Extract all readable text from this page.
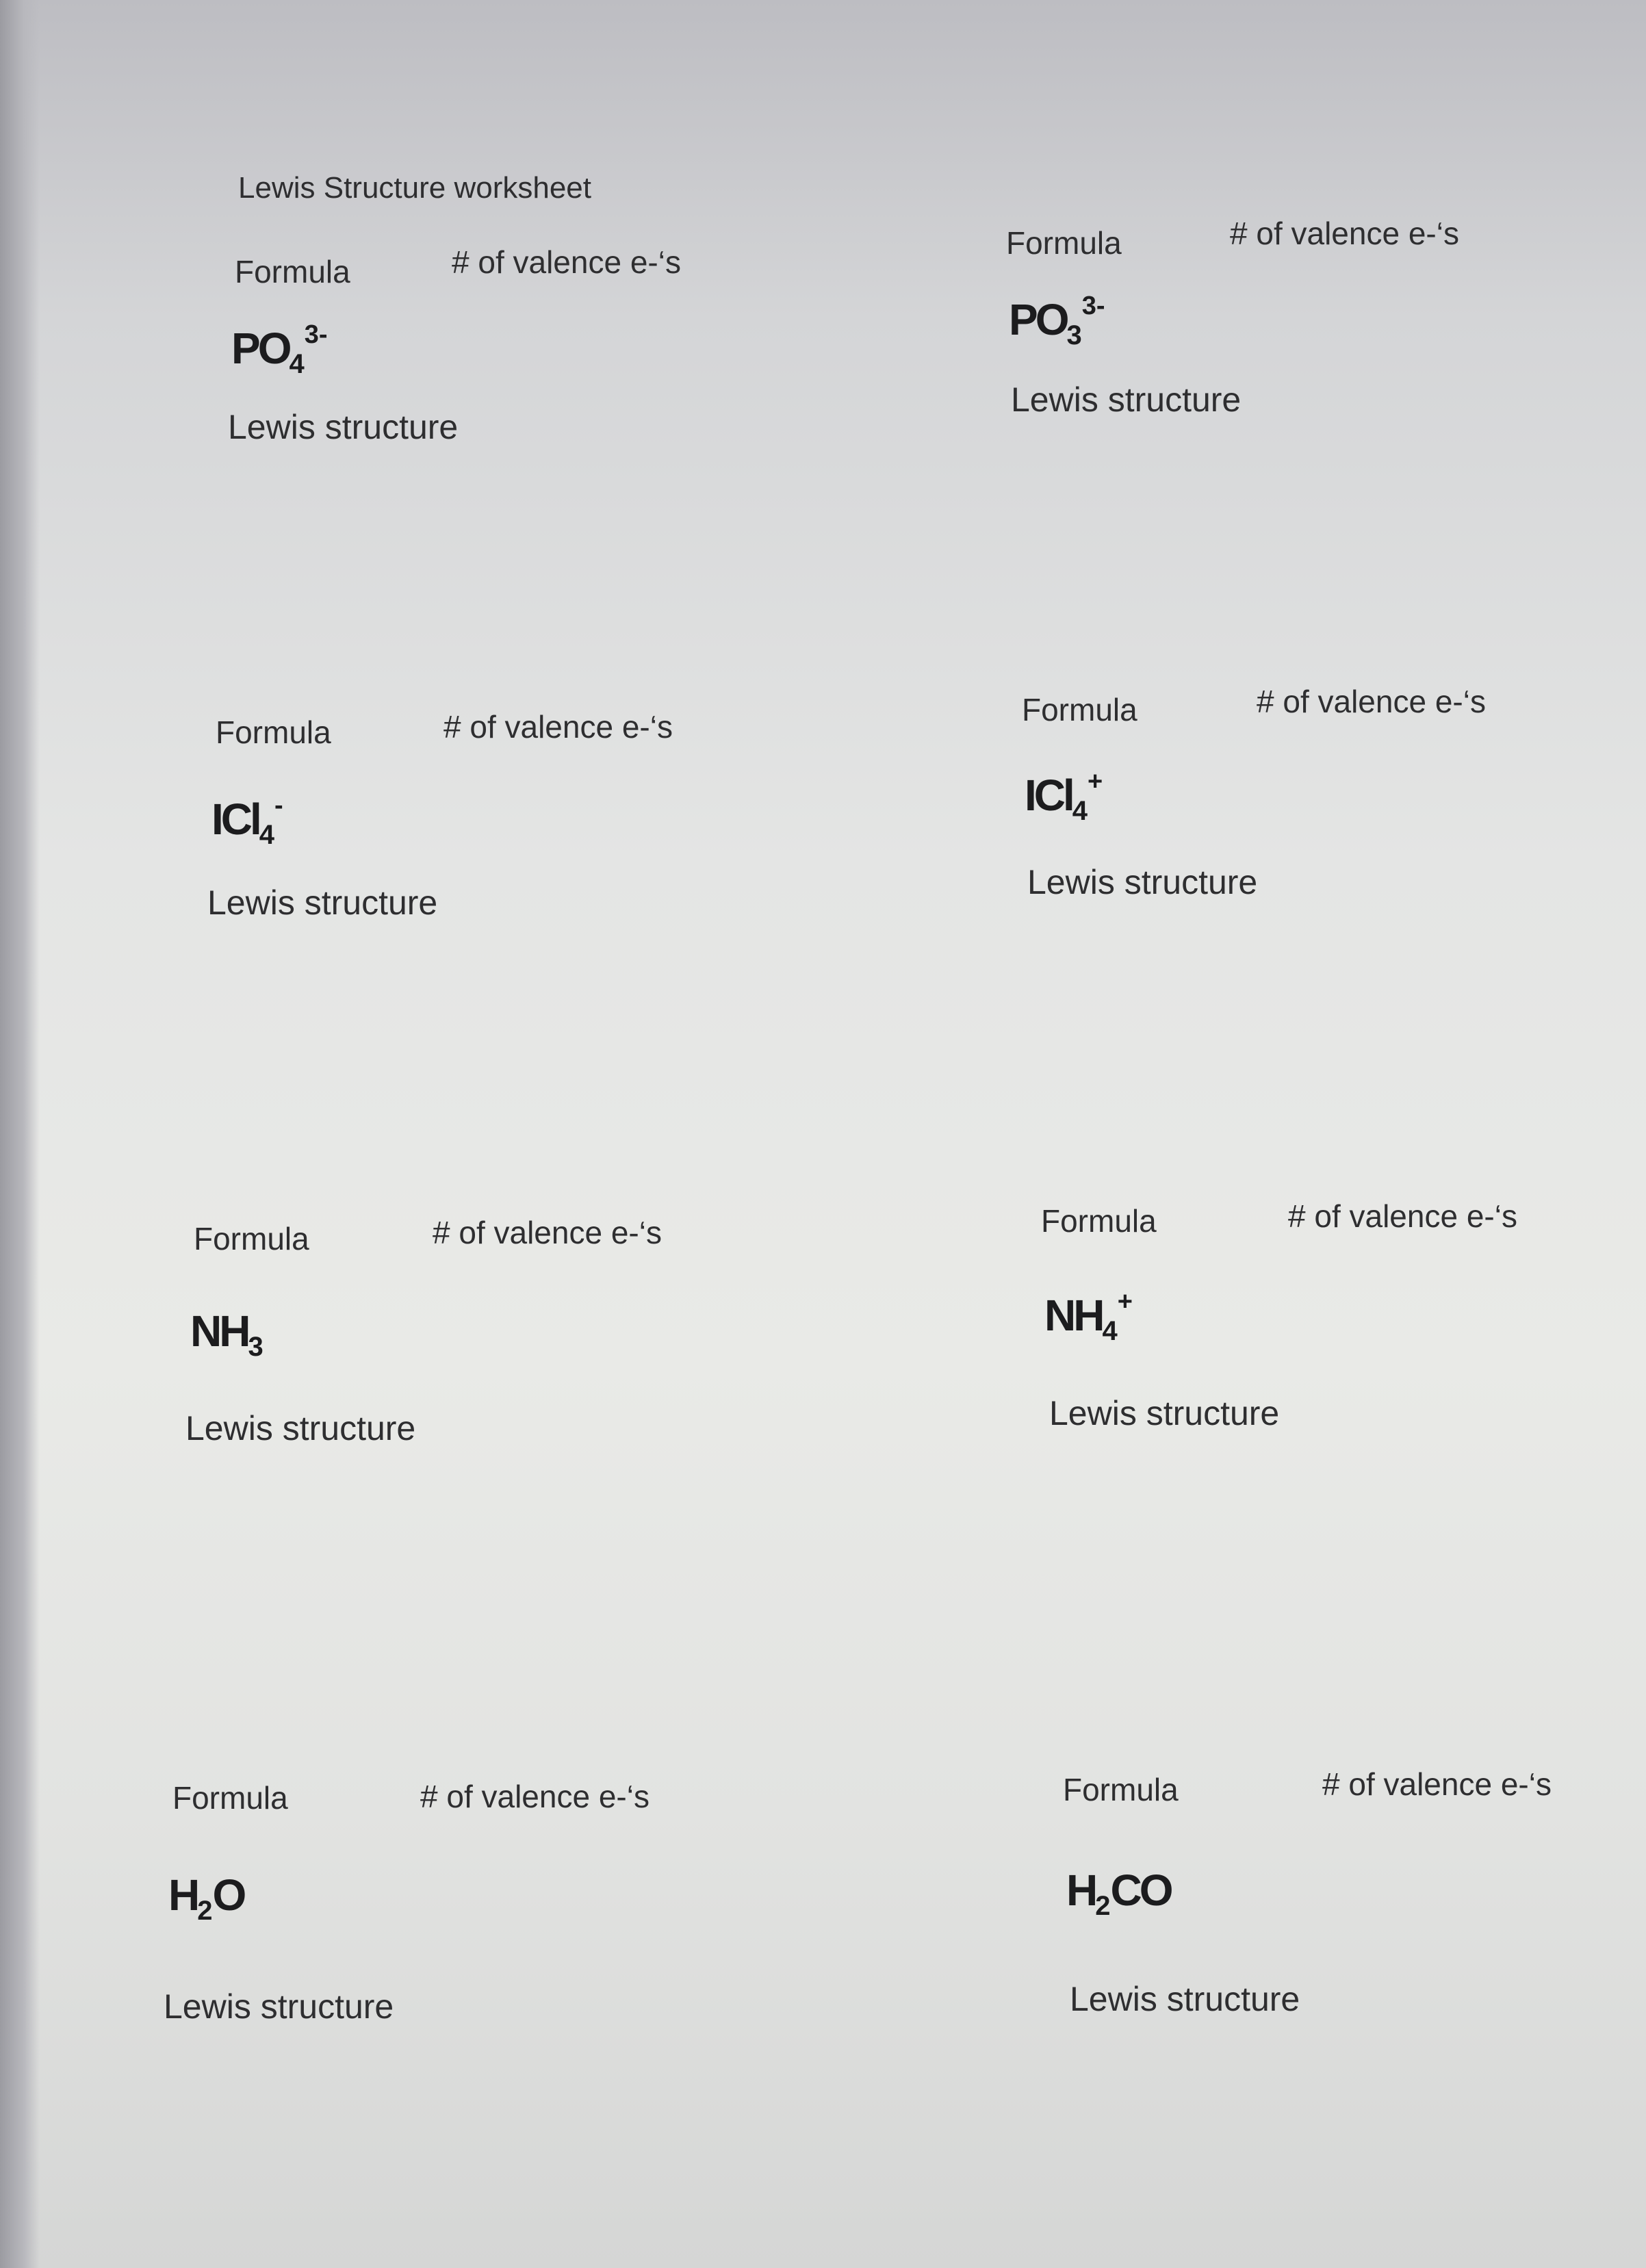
Lewis Structure worksheet
Formula	# of valence e-‘s
$PO_4^{3-}$
Lewis structure
Formula	# of valence e-‘s
$PO_3^{3-}$
Lewis structure
Formula	# of valence e-‘s
ICl$_4$-
Lewis structure
Formula	# of valence e-‘s
ICl$_4$+
Lewis structure
Formula	# of valence e-‘s
$NH_3$
Lewis structure
Formula	# of valence e-‘s
$NH_4^+$
Lewis structure
Formula	# of valence e-‘s
$H_2O$
Lewis structure
Formula	# of valence e-‘s
$H_2CO$
Lewis structure
